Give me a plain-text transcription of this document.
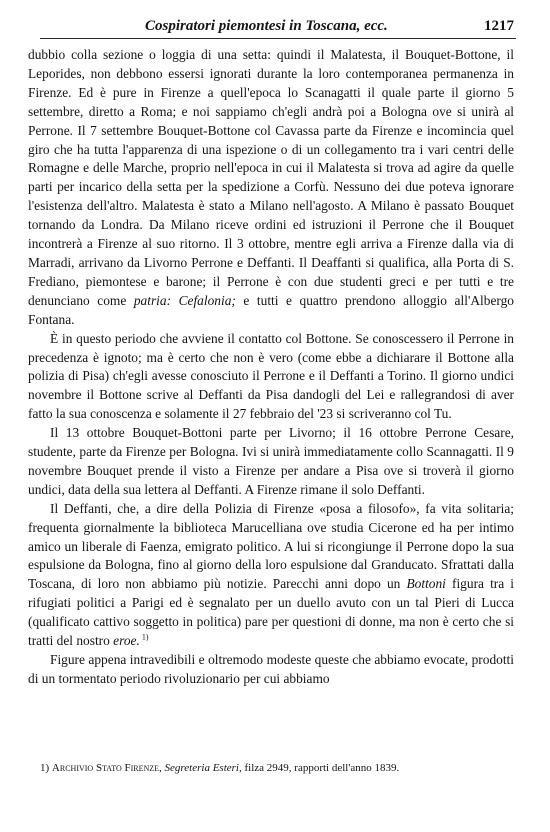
Cospiratori piemontesi in Toscana, ecc.	1217

dubbio colla sezione o loggia di una setta: quindi il Malatesta, il Bouquet-Bottone, il Leporides, non debbono essersi ignorati durante la loro contemporanea permanenza in Firenze. Ed è pure in Firenze a quell'epoca lo Scanagatti il quale parte il giorno 5 settembre, diretto a Roma; e noi sappiamo ch'egli andrà poi a Bologna ove si unirà al Perrone. Il 7 settembre Bouquet-Bottone col Cavassa parte da Firenze e incomincia quel giro che ha tutta l'apparenza di una ispezione o di un collegamento tra i vari centri delle Romagne e delle Marche, proprio nell'epoca in cui il Malatesta si trova ad agire da quelle parti per incarico della setta per la spedizione a Corfù. Nessuno dei due poteva ignorare l'esistenza dell'altro. Malatesta è stato a Milano nell'agosto. A Milano è passato Bouquet tornando da Londra. Da Milano riceve ordini ed istruzioni il Perrone che il Bouquet incontrerà a Firenze al suo ritorno. Il 3 ottobre, mentre egli arriva a Firenze dalla via di Marradi, arrivano da Livorno Perrone e Deffanti. Il Deaffanti si qualifica, alla Porta di S. Frediano, piemontese e barone; il Perrone è con due studenti greci e per tutti e tre denunciano come patria: Cefalonia; e tutti e quattro prendono alloggio all'Albergo Fontana.

È in questo periodo che avviene il contatto col Bottone. Se conoscessero il Perrone in precedenza è ignoto; ma è certo che non è vero (come ebbe a dichiarare il Bottone alla polizia di Pisa) ch'egli avesse conosciuto il Perrone e il Deffanti a Torino. Il giorno undici novembre il Bottone scrive al Deffanti da Pisa dandogli del Lei e rallegrandosi di aver fatto la sua conoscenza e solamente il 27 febbraio del '23 si scriveranno col Tu.

Il 13 ottobre Bouquet-Bottoni parte per Livorno; il 16 ottobre Perrone Cesare, studente, parte da Firenze per Bologna. Ivi si unirà immediatamente collo Scannagatti. Il 9 novembre Bouquet prende il visto a Firenze per andare a Pisa ove si troverà il giorno undici, data della sua lettera al Deffanti. A Firenze rimane il solo Deffanti.

Il Deffanti, che, a dire della Polizia di Firenze «posa a filosofo», fa vita solitaria; frequenta giornalmente la biblioteca Marucelliana ove studia Cicerone ed ha per intimo amico un liberale di Faenza, emigrato politico. A lui si ricongiunge il Perrone dopo la sua espulsione da Bologna, fino al giorno della loro espulsione dal Granducato. Sfrattati dalla Toscana, di loro non abbiamo più notizie. Parecchi anni dopo un Bottoni figura tra i rifugiati politici a Parigi ed è segnalato per un duello avuto con un tal Pieri di Lucca (qualificato cattivo soggetto in politica) pare per questioni di donne, ma non è certo che si tratti del nostro eroe. $^{1)}$

Figure appena intravedibili e oltremodo modeste queste che abbiamo evocate, prodotti di un tormentato periodo rivoluzionario per cui abbiamo

1) Archivio Stato Firenze, Segreteria Esteri, filza 2949, rapporti dell'anno 1839.
